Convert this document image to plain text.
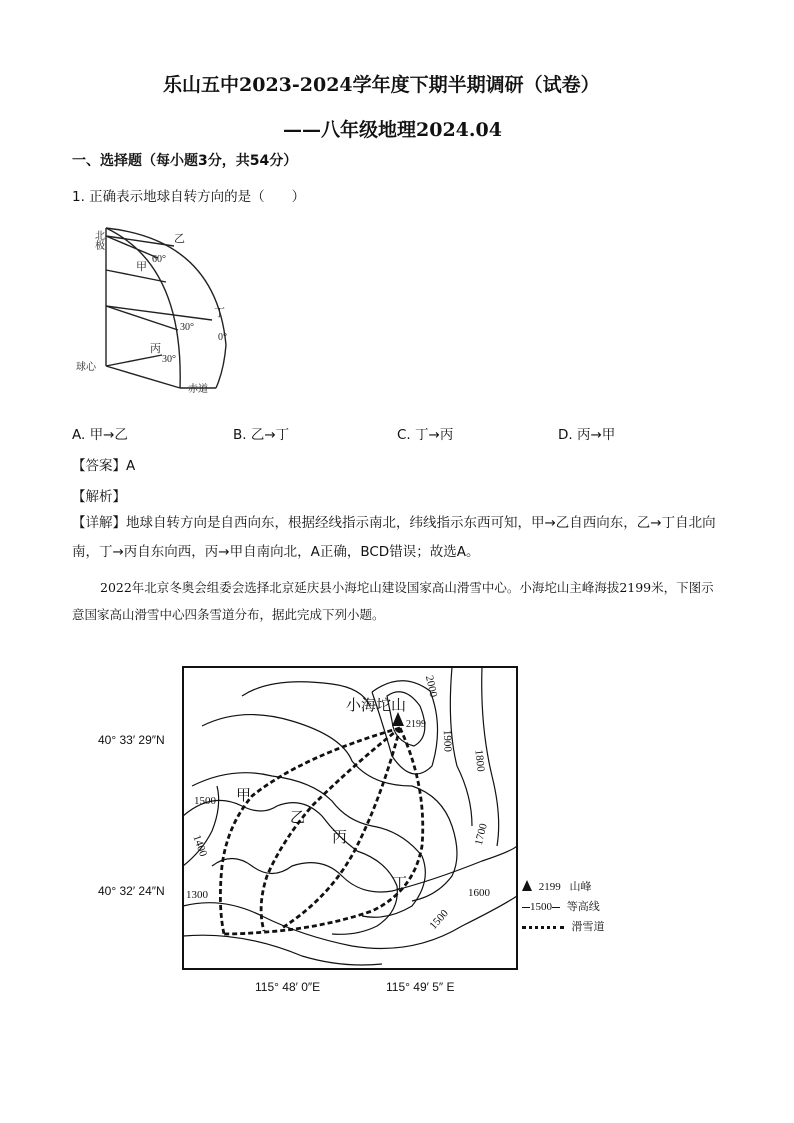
乐山五中2023-2024学年度下期半期调研（试卷）
——八年级地理2024.04
一、选择题（每小题3分，共54分）
1. 正确表示地球自转方向的是（　　）
北极	乙
60°
甲
丁
30°
0°
丙
30°
球心
赤道
A. 甲→乙	B. 乙→丁	C. 丁→丙	D. 丙→甲
【答案】A
【解析】
【详解】地球自转方向是自西向东，根据经线指示南北，纬线指示东西可知，甲→乙自西向东，乙→丁自北向南，丁→丙自东向西，丙→甲自南向北，A正确，BCD错误；故选A。
2022年北京冬奥会组委会选择北京延庆县小海坨山建设国家高山滑雪中心。小海坨山主峰海拔2199米，下图示意国家高山滑雪中心四条雪道分布，据此完成下列小题。
小海坨山
2199
2000
1900
1800
1700
1600
1500
1500
1400
1300
甲
乙
丙
丁
40° 33′ 29″N
40° 32′ 24″N
115° 48′ 0″E	115° 49′ 5″ E
2199 山峰
1500 等高线
滑雪道
